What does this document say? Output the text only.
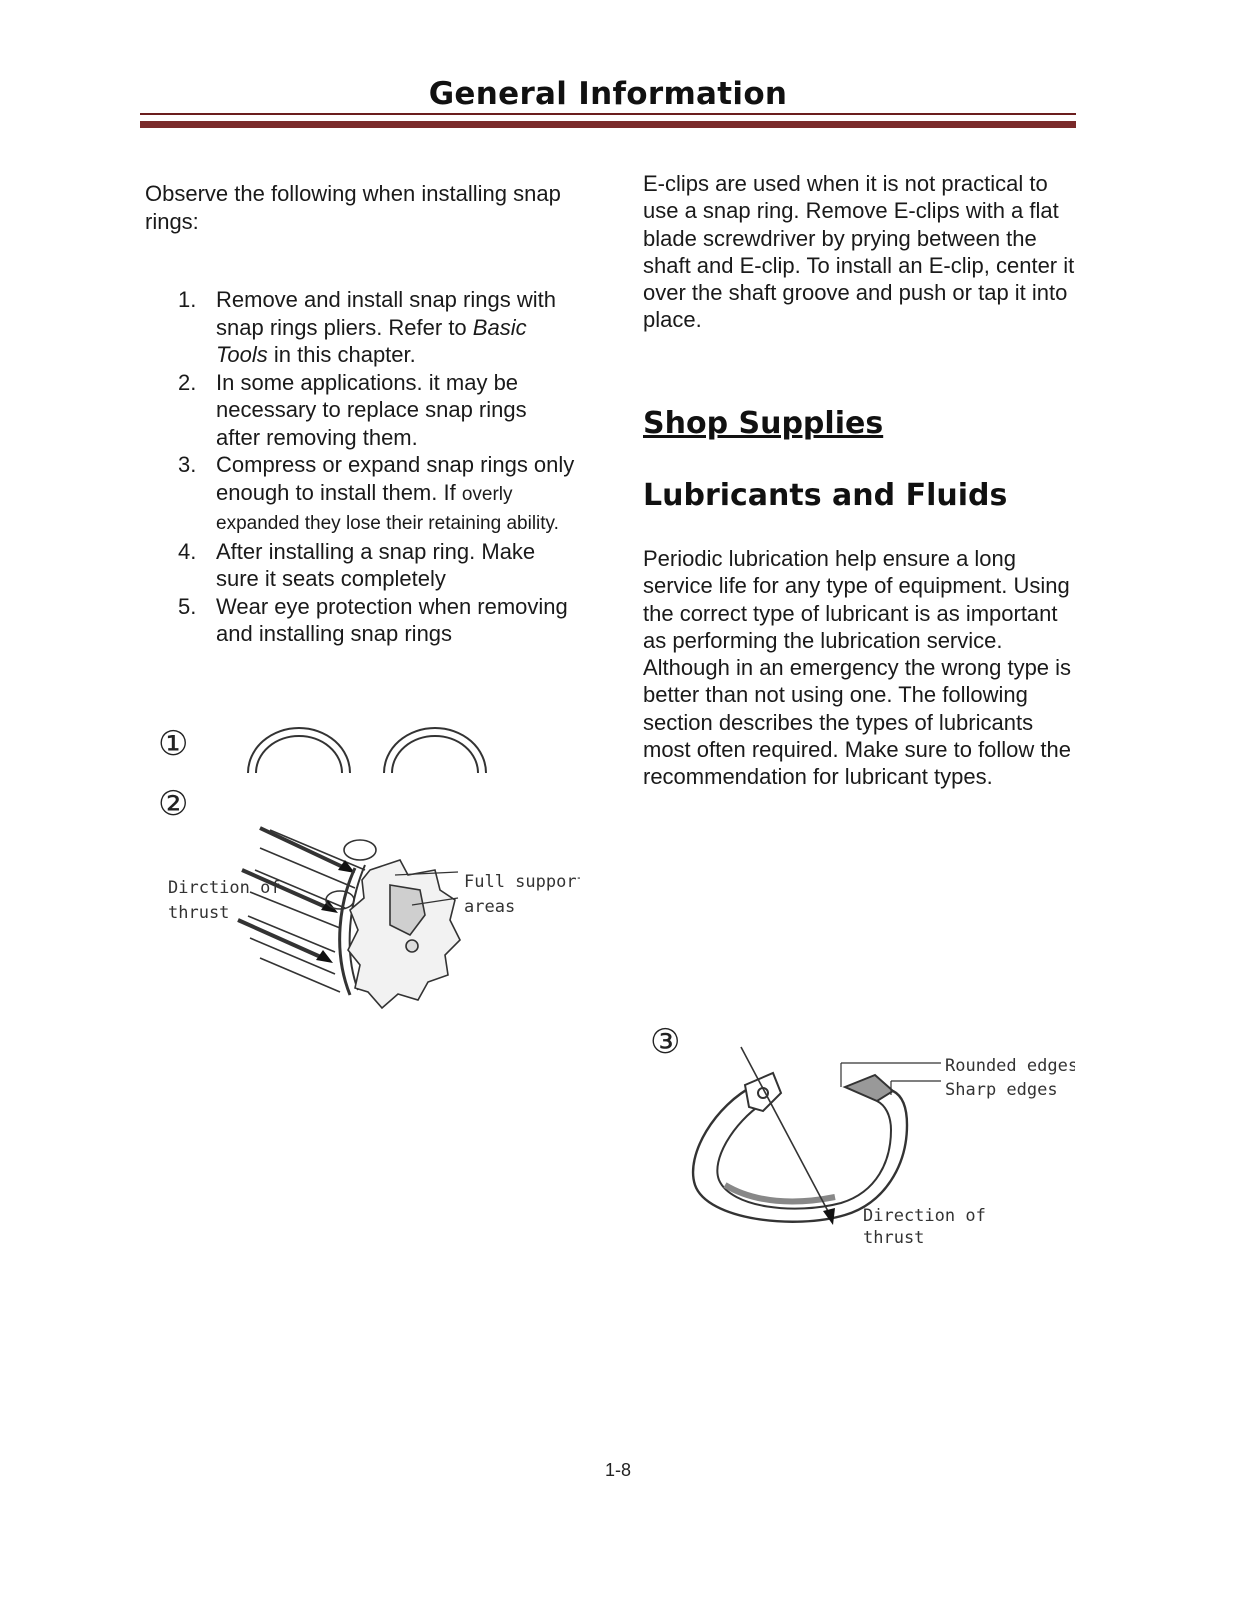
General Information
Observe the following when installing snap rings:
1. Remove and install snap rings with snap rings pliers. Refer to Basic Tools in this chapter.
2. In some applications. it may be necessary to replace snap rings after removing them.
3. Compress or expand snap rings only enough to install them. If overly expanded they lose their retaining ability.
4. After installing a snap ring. Make sure it seats completely
5. Wear eye protection when removing and installing snap rings
E-clips are used when it is not practical to use a snap ring. Remove E-clips with a flat blade screwdriver by prying between the shaft and E-clip. To install an E-clip, center it over the shaft groove and push or tap it into place.
Shop Supplies
Lubricants and Fluids
Periodic lubrication help ensure a long service life for any type of equipment. Using the correct type of lubricant is as important as performing the lubrication service. Although in an emergency the wrong type is better than not using one. The following section describes the types of lubricants most often required. Make sure to follow the recommendation for lubricant types.
①
②
Dirction of
thrust
Full support
areas
③
Rounded edges
Sharp edges
Direction of
thrust
1-8
